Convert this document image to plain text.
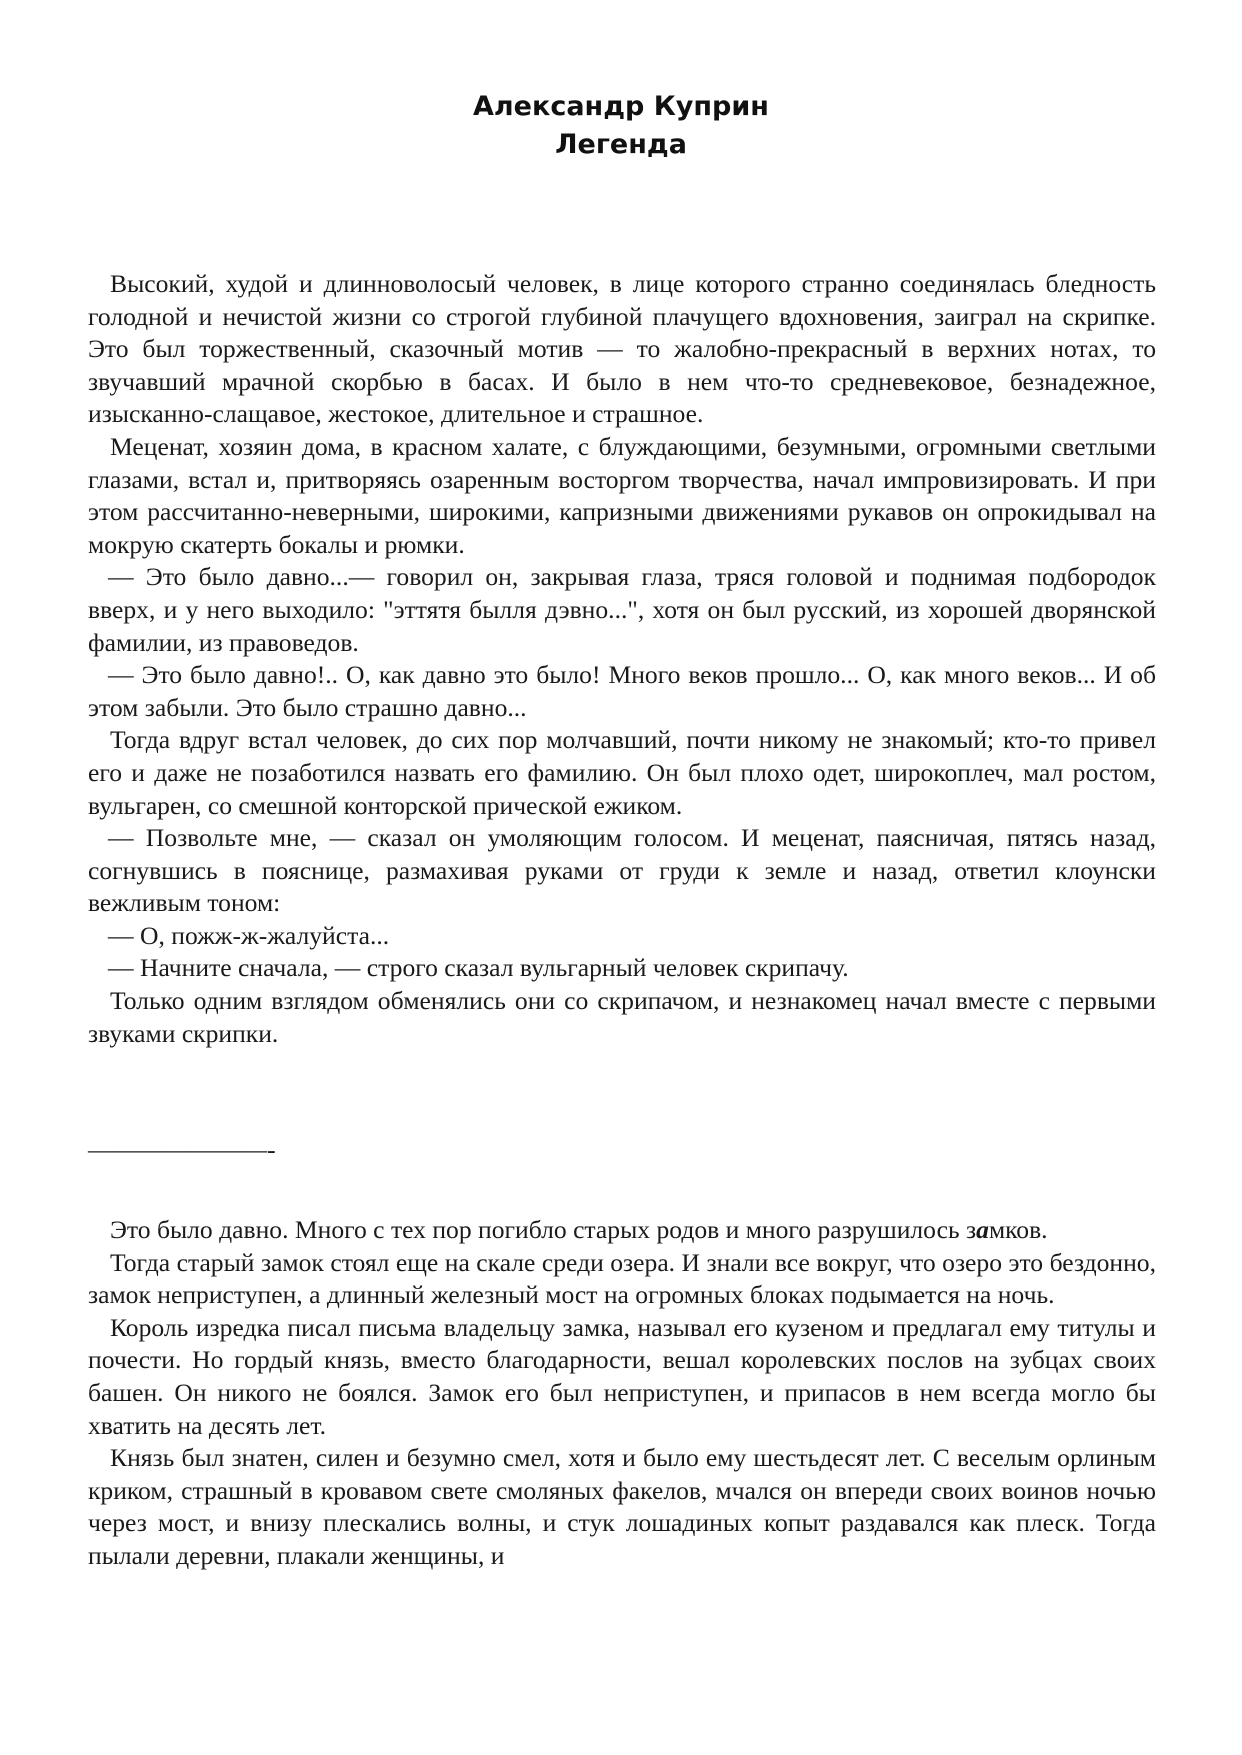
Александр Куприн
Легенда

Высокий, худой и длинноволосый человек, в лице которого странно соединялась бледность голодной и нечистой жизни со строгой глубиной плачущего вдохновения, заиграл на скрипке. Это был торжественный, сказочный мотив — то жалобно-прекрасный в верхних нотах, то звучавший мрачной скорбью в басах. И было в нем что-то средневековое, безнадежное, изысканно-слащавое, жестокое, длительное и страшное.

Меценат, хозяин дома, в красном халате, с блуждающими, безумными, огромными светлыми глазами, встал и, притворяясь озаренным восторгом творчества, начал импровизировать. И при этом рассчитанно-неверными, широкими, капризными движениями рукавов он опрокидывал на мокрую скатерть бокалы и рюмки.

— Это было давно...— говорил он, закрывая глаза, тряся головой и поднимая подбородок вверх, и у него выходило: "эттятя былля дэвно...", хотя он был русский, из хорошей дворянской фамилии, из правоведов.

— Это было давно!.. О, как давно это было! Много веков прошло... О, как много веков... И об этом забыли. Это было страшно давно...

Тогда вдруг встал человек, до сих пор молчавший, почти никому не знакомый; кто-то привел его и даже не позаботился назвать его фамилию. Он был плохо одет, широкоплеч, мал ростом, вульгарен, со смешной конторской прической ежиком.

— Позвольте мне, — сказал он умоляющим голосом. И меценат, паясничая, пятясь назад, согнувшись в пояснице, размахивая руками от груди к земле и назад, ответил клоунски вежливым тоном:

— О, пожж-ж-жалуйста...

— Начните сначала, — строго сказал вульгарный человек скрипачу.

Только одним взглядом обменялись они со скрипачом, и незнакомец начал вместе с первыми звуками скрипки.

———————-

Это было давно. Много с тех пор погибло старых родов и много разрушилось замков.

Тогда старый замок стоял еще на скале среди озера. И знали все вокруг, что озеро это бездонно, замок неприступен, а длинный железный мост на огромных блоках подымается на ночь.

Король изредка писал письма владельцу замка, называл его кузеном и предлагал ему титулы и почести. Но гордый князь, вместо благодарности, вешал королевских послов на зубцах своих башен. Он никого не боялся. Замок его был неприступен, и припасов в нем всегда могло бы хватить на десять лет.

Князь был знатен, силен и безумно смел, хотя и было ему шестьдесят лет. С веселым орлиным криком, страшный в кровавом свете смоляных факелов, мчался он впереди своих воинов ночью через мост, и внизу плескались волны, и стук лошадиных копыт раздавался как плеск. Тогда пылали деревни, плакали женщины, и
